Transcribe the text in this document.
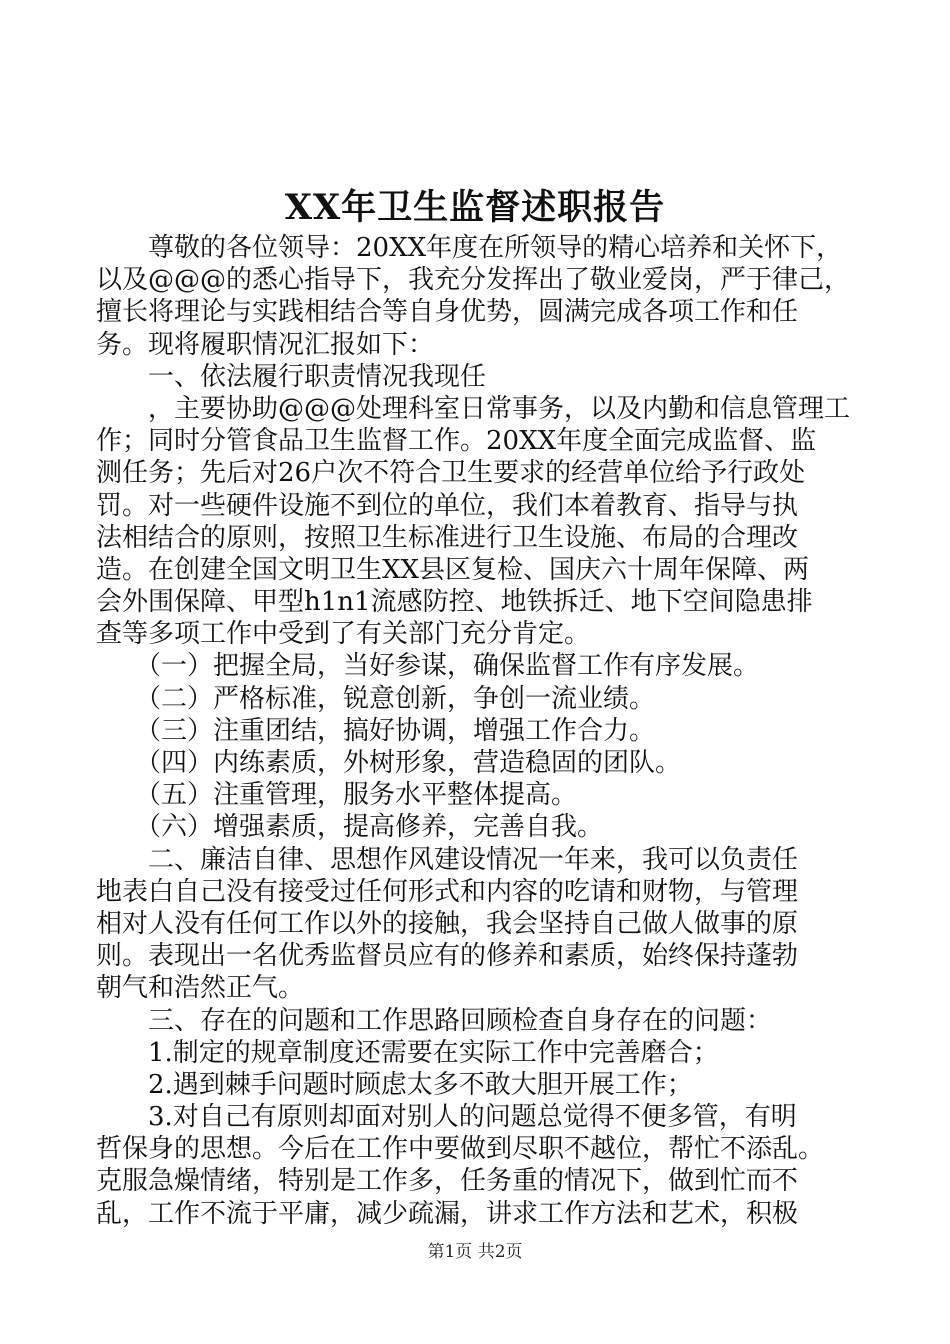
XX年卫生监督述职报告
　　尊敬的各位领导：20XX年度在所领导的精心培养和关怀下，
以及@@@的悉心指导下，我充分发挥出了敬业爱岗，严于律己，
擅长将理论与实践相结合等自身优势，圆满完成各项工作和任
务。现将履职情况汇报如下：
　　一、依法履行职责情况我现任
　　，主要协助@@@处理科室日常事务，以及内勤和信息管理工
作；同时分管食品卫生监督工作。20XX年度全面完成监督、监
测任务；先后对26户次不符合卫生要求的经营单位给予行政处
罚。对一些硬件设施不到位的单位，我们本着教育、指导与执
法相结合的原则，按照卫生标准进行卫生设施、布局的合理改
造。在创建全国文明卫生XX县区复检、国庆六十周年保障、两
会外围保障、甲型h1n1流感防控、地铁拆迁、地下空间隐患排
查等多项工作中受到了有关部门充分肯定。
　　（一）把握全局，当好参谋，确保监督工作有序发展。
　　（二）严格标准，锐意创新，争创一流业绩。
　　（三）注重团结，搞好协调，增强工作合力。
　　（四）内练素质，外树形象，营造稳固的团队。
　　（五）注重管理，服务水平整体提高。
　　（六）增强素质，提高修养，完善自我。
　　二、廉洁自律、思想作风建设情况一年来，我可以负责任
地表白自己没有接受过任何形式和内容的吃请和财物，与管理
相对人没有任何工作以外的接触，我会坚持自己做人做事的原
则。表现出一名优秀监督员应有的修养和素质，始终保持蓬勃
朝气和浩然正气。
　　三、存在的问题和工作思路回顾检查自身存在的问题：
　　1.制定的规章制度还需要在实际工作中完善磨合；
　　2.遇到棘手问题时顾虑太多不敢大胆开展工作；
　　3.对自己有原则却面对别人的问题总觉得不便多管，有明
哲保身的思想。今后在工作中要做到尽职不越位，帮忙不添乱。
克服急燥情绪，特别是工作多，任务重的情况下，做到忙而不
乱，工作不流于平庸，减少疏漏，讲求工作方法和艺术，积极
第1页 共2页
